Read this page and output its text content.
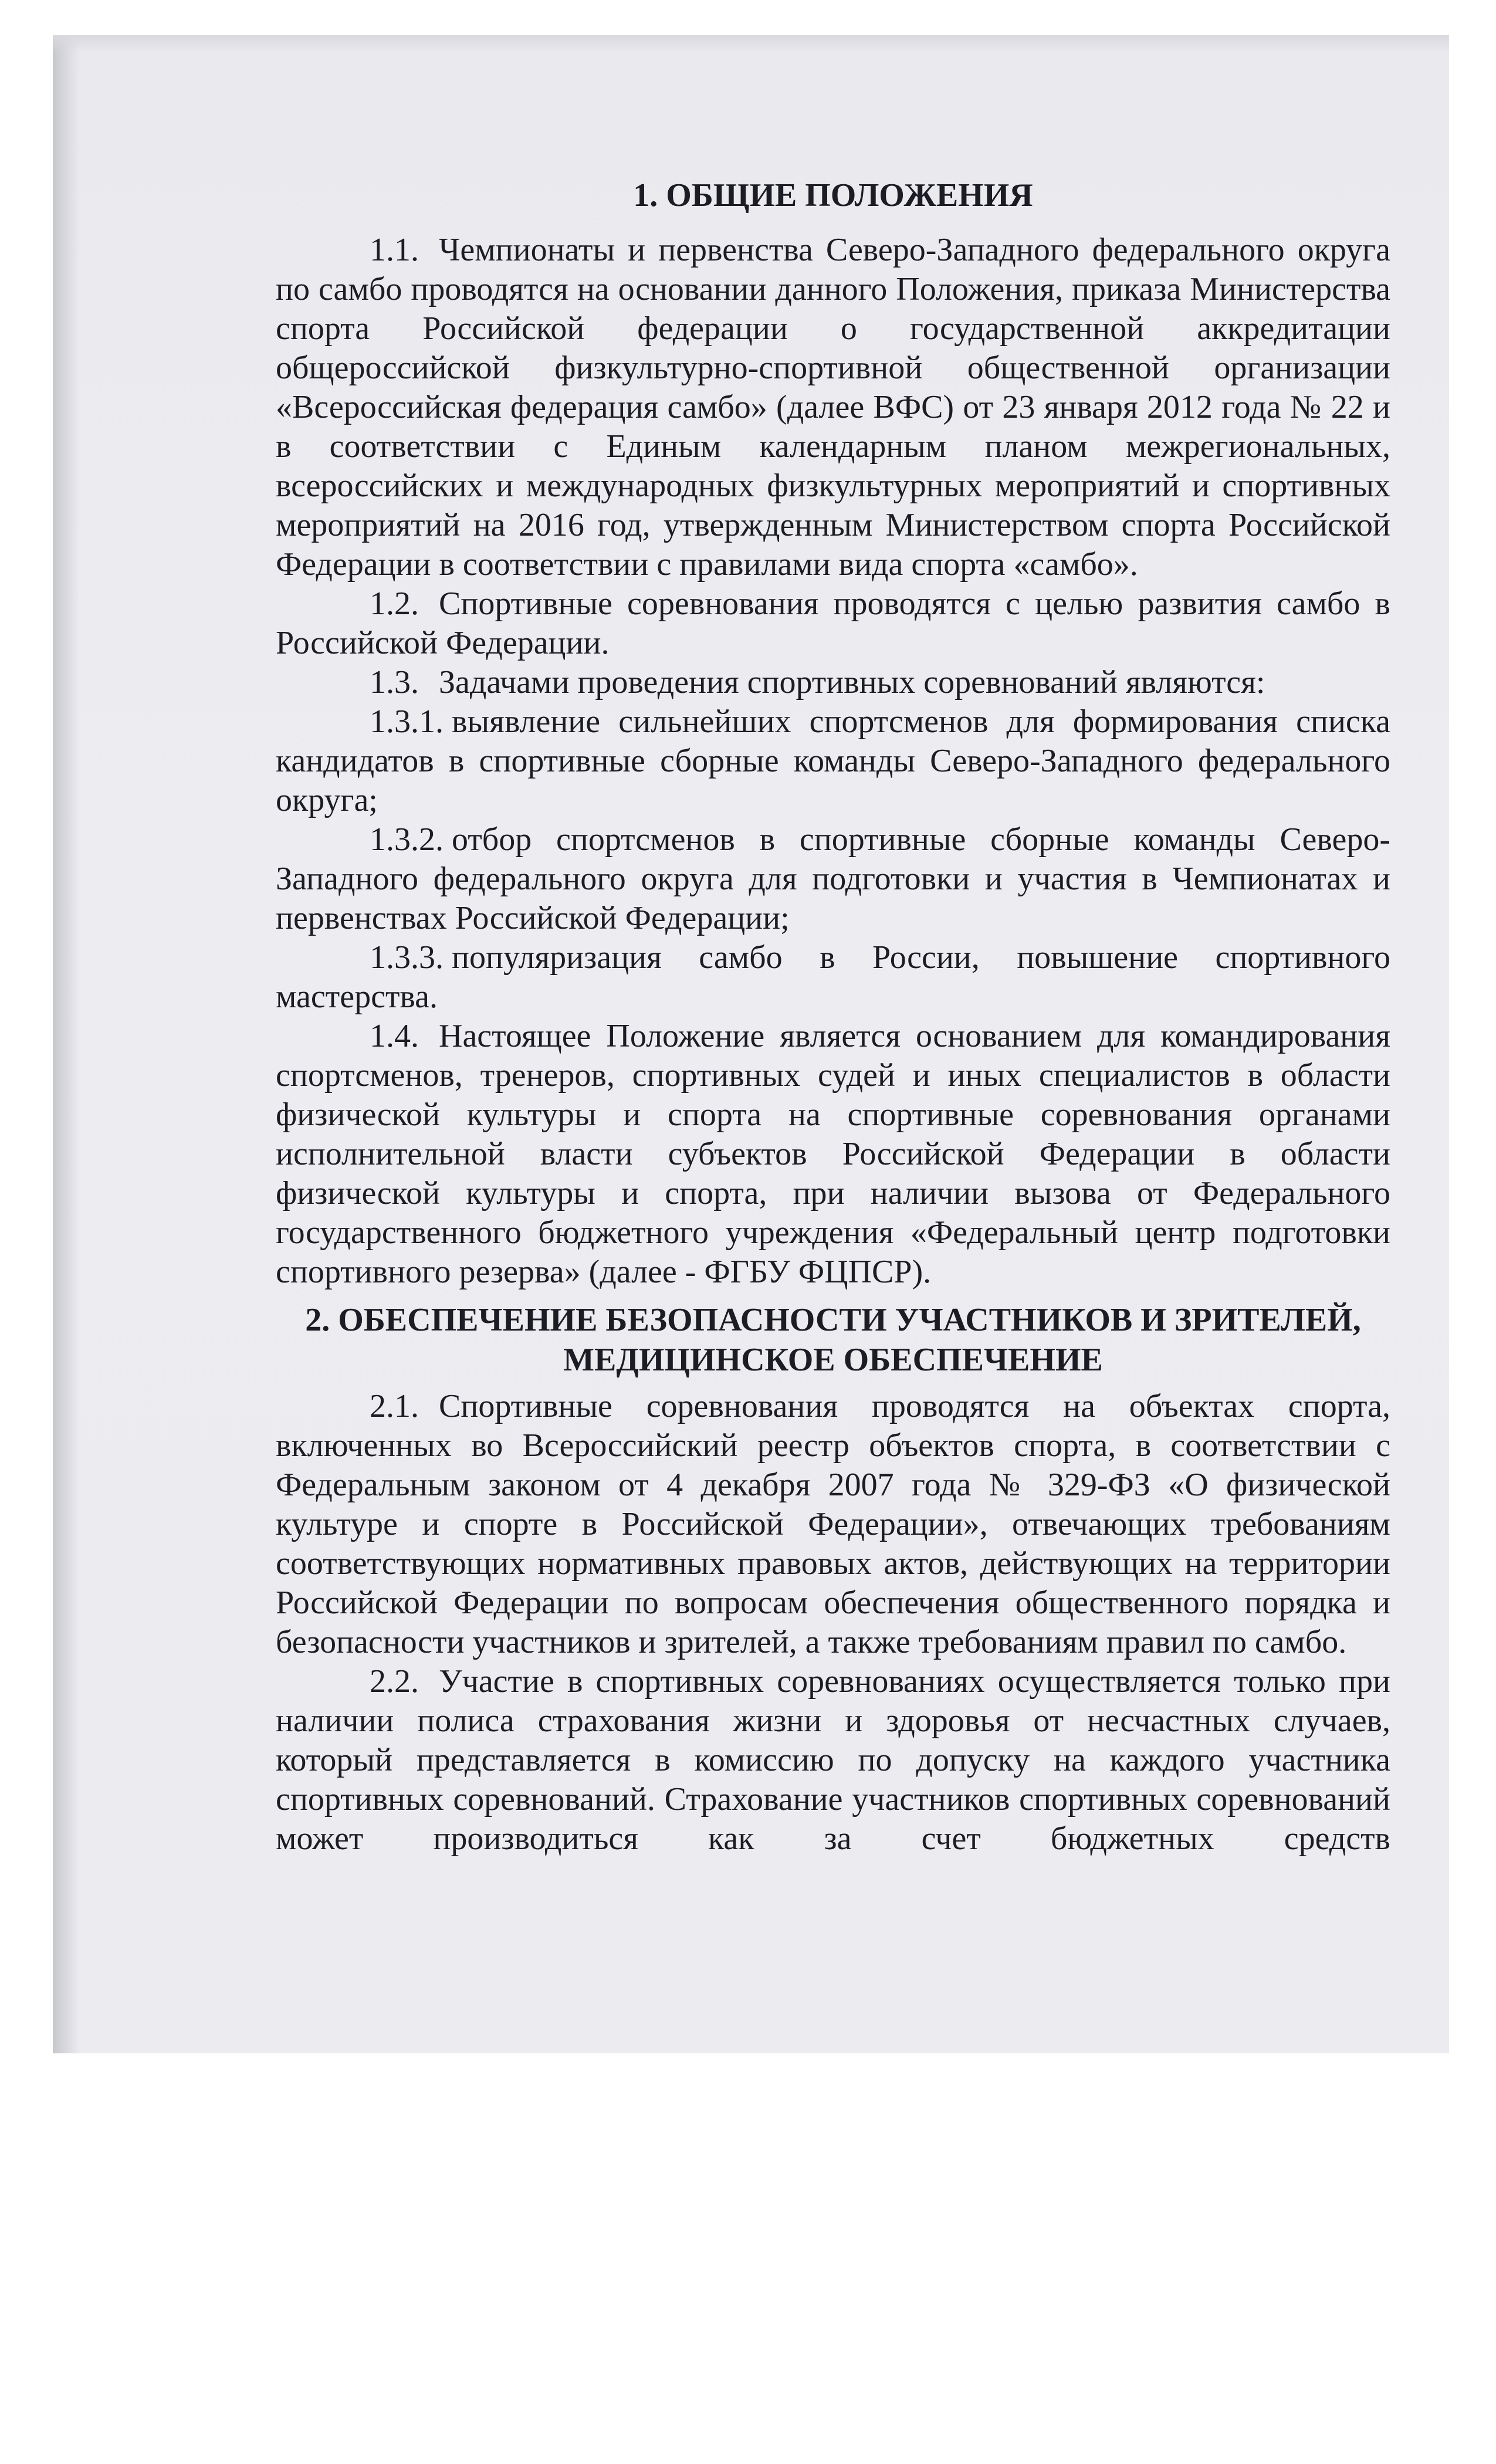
1. ОБЩИЕ ПОЛОЖЕНИЯ

1.1. Чемпионаты и первенства Северо-Западного федерального округа по самбо проводятся на основании данного Положения, приказа Министерства спорта Российской федерации о государственной аккредитации общероссийской физкультурно-спортивной общественной организации «Всероссийская федерация самбо» (далее ВФС) от 23 января 2012 года № 22 и в соответствии с Единым календарным планом межрегиональных, всероссийских и международных физкультурных мероприятий и спортивных мероприятий на 2016 год, утвержденным Министерством спорта Российской Федерации в соответствии с правилами вида спорта «самбо».

1.2. Спортивные соревнования проводятся с целью развития самбо в Российской Федерации.

1.3. Задачами проведения спортивных соревнований являются:

1.3.1. выявление сильнейших спортсменов для формирования списка кандидатов в спортивные сборные команды Северо-Западного федерального округа;

1.3.2. отбор спортсменов в спортивные сборные команды Северо-Западного федерального округа для подготовки и участия в Чемпионатах и первенствах Российской Федерации;

1.3.3. популяризация самбо в России, повышение спортивного мастерства.

1.4. Настоящее Положение является основанием для командирования спортсменов, тренеров, спортивных судей и иных специалистов в области физической культуры и спорта на спортивные соревнования органами исполнительной власти субъектов Российской Федерации в области физической культуры и спорта, при наличии вызова от Федерального государственного бюджетного учреждения «Федеральный центр подготовки спортивного резерва» (далее - ФГБУ ФЦПСР).

2. ОБЕСПЕЧЕНИЕ БЕЗОПАСНОСТИ УЧАСТНИКОВ И ЗРИТЕЛЕЙ,
МЕДИЦИНСКОЕ ОБЕСПЕЧЕНИЕ

2.1. Спортивные соревнования проводятся на объектах спорта, включенных во Всероссийский реестр объектов спорта, в соответствии с Федеральным законом от 4 декабря 2007 года № 329-ФЗ «О физической культуре и спорте в Российской Федерации», отвечающих требованиям соответствующих нормативных правовых актов, действующих на территории Российской Федерации по вопросам обеспечения общественного порядка и безопасности участников и зрителей, а также требованиям правил по самбо.

2.2. Участие в спортивных соревнованиях осуществляется только при наличии полиса страхования жизни и здоровья от несчастных случаев, который представляется в комиссию по допуску на каждого участника спортивных соревнований. Страхование участников спортивных соревнований может производиться как за счет бюджетных средств
